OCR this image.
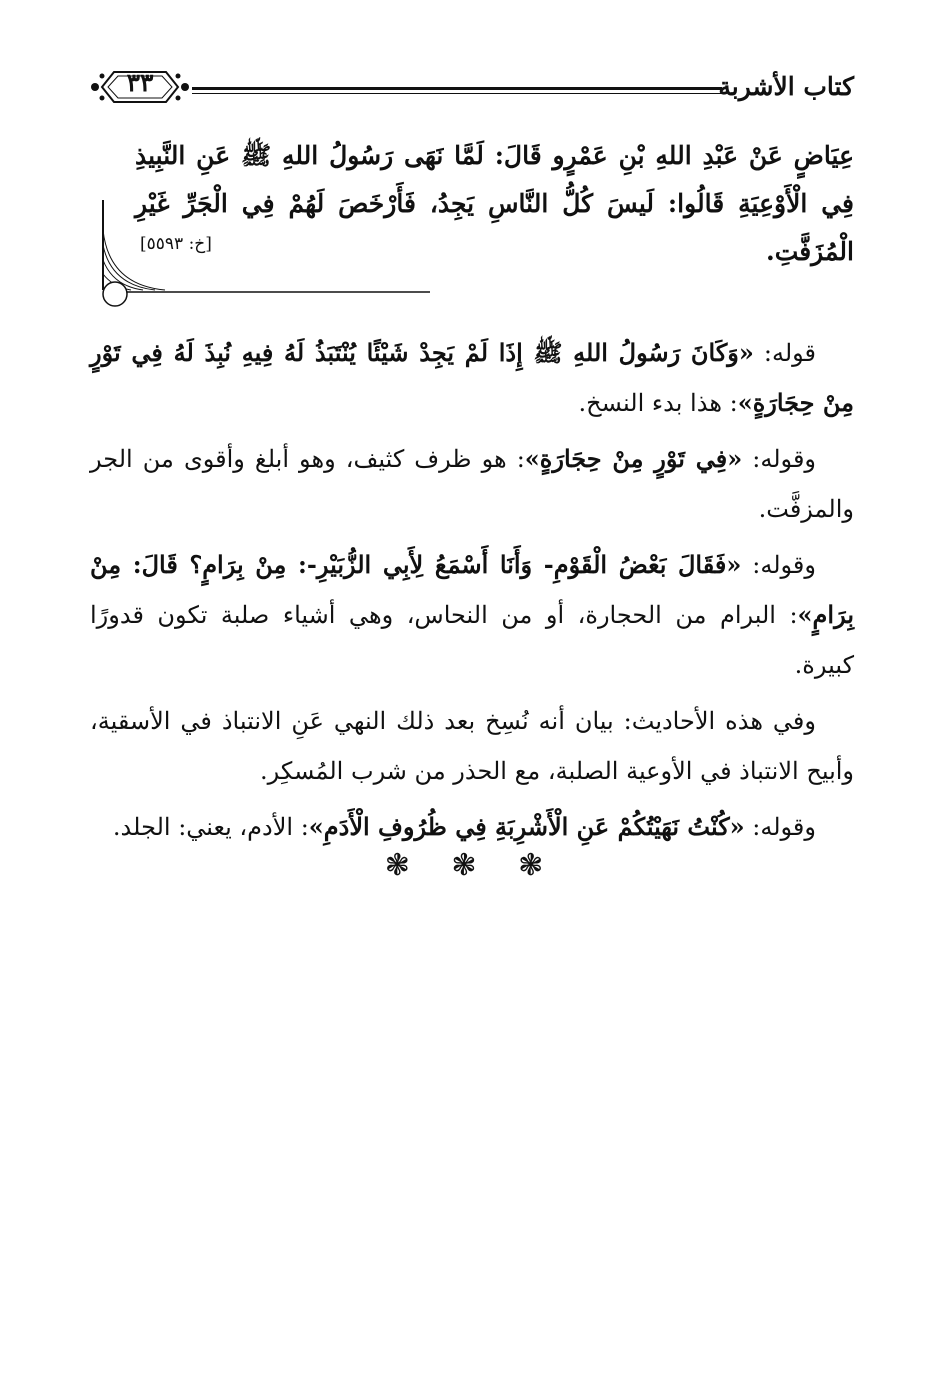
كتاب الأشربة
٣٣
عِيَاضٍ عَنْ عَبْدِ اللهِ بْنِ عَمْرٍو قَالَ: لَمَّا نَهَى رَسُولُ اللهِ ﷺ عَنِ النَّبِيذِ فِي الْأَوْعِيَةِ قَالُوا: لَيسَ كُلُّ النَّاسِ يَجِدُ، فَأَرْخَصَ لَهُمْ فِي الْجَرِّ غَيْرِ الْمُزَفَّتِ.
[خ: ٥٥٩٣]

قوله: «وَكَانَ رَسُولُ اللهِ ﷺ إِذَا لَمْ يَجِدْ شَيْئًا يُنْتَبَذُ لَهُ فِيهِ نُبِذَ لَهُ فِي تَوْرٍ مِنْ حِجَارَةٍ»: هذا بدء النسخ.

وقوله: «فِي تَوْرٍ مِنْ حِجَارَةٍ»: هو ظرف كثيف، وهو أبلغ وأقوى من الجر والمزفَّت.

وقوله: «فَقَالَ بَعْضُ الْقَوْمِ- وَأَنَا أَسْمَعُ لِأَبِي الزُّبَيْرِ-: مِنْ بِرَامٍ؟ قَالَ: مِنْ بِرَامٍ»: البرام من الحجارة، أو من النحاس، وهي أشياء صلبة تكون قدورًا كبيرة.

وفي هذه الأحاديث: بيان أنه نُسِخ بعد ذلك النهي عَنِ الانتباذ في الأسقية، وأبيح الانتباذ في الأوعية الصلبة، مع الحذر من شرب المُسكِر.

وقوله: «كُنْتُ نَهَيْتُكُمْ عَنِ الْأَشْرِبَةِ فِي ظُرُوفِ الْأَدَمِ»: الأدم، يعني: الجلد.

❃ ❃ ❃
